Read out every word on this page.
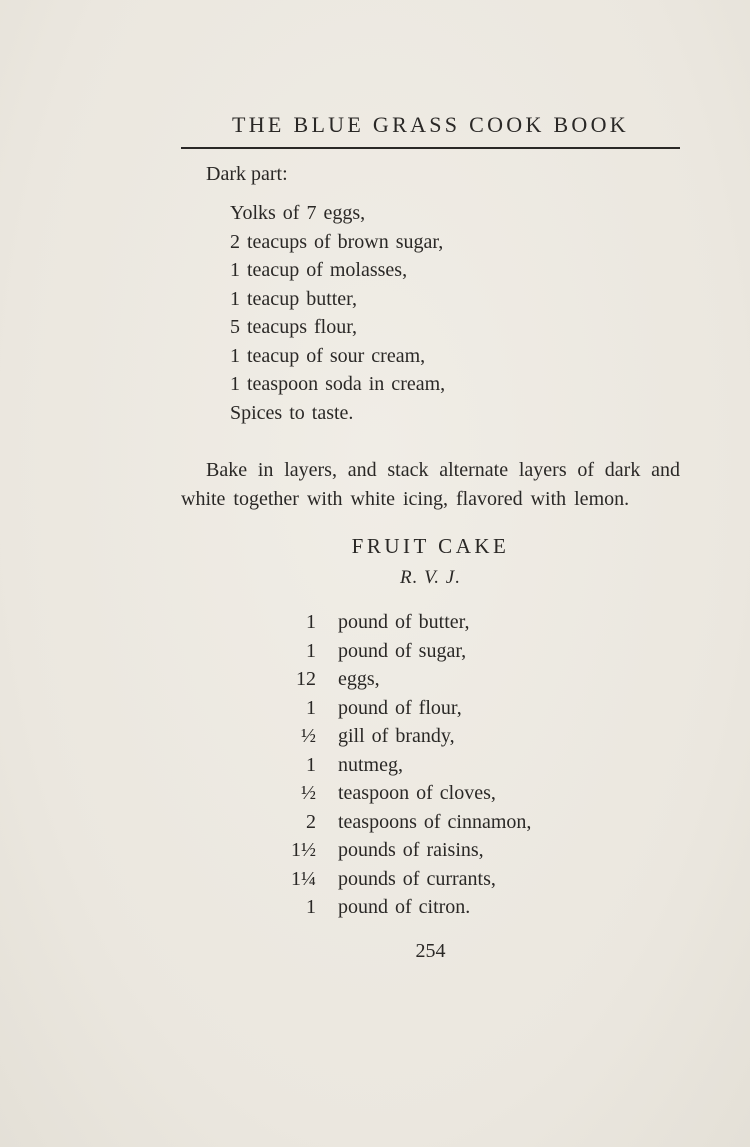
THE BLUE GRASS COOK BOOK
Dark part:
Yolks of 7 eggs,
2 teacups of brown sugar,
1 teacup of molasses,
1 teacup butter,
5 teacups flour,
1 teacup of sour cream,
1 teaspoon soda in cream,
Spices to taste.

Bake in layers, and stack alternate layers of dark and white together with white icing, flavored with lemon.

FRUIT CAKE
R. V. J.
1 pound of butter,
1 pound of sugar,
12 eggs,
1 pound of flour,
½ gill of brandy,
1 nutmeg,
½ teaspoon of cloves,
2 teaspoons of cinnamon,
1½ pounds of raisins,
1¼ pounds of currants,
1 pound of citron.
254
